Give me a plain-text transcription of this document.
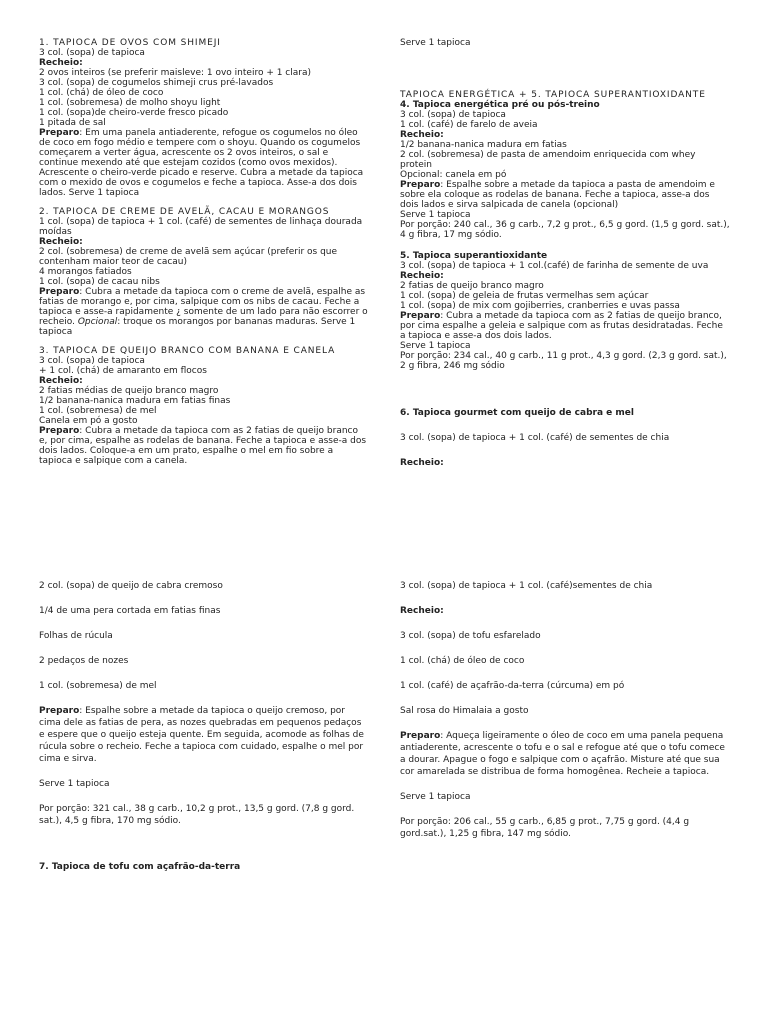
1. TAPIOCA DE OVOS COM SHIMEJI

3 col. (sopa) de tapioca

Recheio:

2 ovos inteiros (se preferir maisleve: 1 ovo inteiro + 1 clara)

3 col. (sopa) de cogumelos shimeji crus pré-lavados

1 col. (chá) de óleo de coco

1 col. (sobremesa) de molho shoyu light

1 col. (sopa)de cheiro-verde fresco picado

1 pitada de sal

Preparo: Em uma panela antiaderente, refogue os cogumelos no óleo de coco em fogo médio e tempere com o shoyu. Quando os cogumelos começarem a verter água, acrescente os 2 ovos inteiros, o sal e continue mexendo até que estejam cozidos (como ovos mexidos). Acrescente o cheiro-verde picado e reserve. Cubra a metade da tapioca com o mexido de ovos e cogumelos e feche a tapioca. Asse-a dos dois lados. Serve 1 tapioca

2. TAPIOCA DE CREME DE AVELÃ, CACAU E MORANGOS

1 col. (sopa) de tapioca + 1 col. (café) de sementes de linhaça dourada moídas

Recheio:

2 col. (sobremesa) de creme de avelã sem açúcar (preferir os que contenham maior teor de cacau)

4 morangos fatiados

1 col. (sopa) de cacau nibs

Preparo: Cubra a metade da tapioca com o creme de avelã, espalhe as fatias de morango e, por cima, salpique com os nibs de cacau. Feche a tapioca e asse-a rapidamente ¿ somente de um lado para não escorrer o recheio. Opcional: troque os morangos por bananas maduras. Serve 1 tapioca

3. TAPIOCA DE QUEIJO BRANCO COM BANANA E CANELA

3 col. (sopa) de tapioca

+ 1 col. (chá) de amaranto em flocos

Recheio:

2 fatias médias de queijo branco magro

1/2 banana-nanica madura em fatias finas

1 col. (sobremesa) de mel

Canela em pó a gosto

Preparo: Cubra a metade da tapioca com as 2 fatias de queijo branco e, por cima, espalhe as rodelas de banana. Feche a tapioca e asse-a dos dois lados. Coloque-a em um prato, espalhe o mel em fio sobre a tapioca e salpique com a canela.

Serve 1 tapioca

TAPIOCA ENERGÉTICA + 5. TAPIOCA SUPERANTIOXIDANTE

4. Tapioca energética pré ou pós-treino

3 col. (sopa) de tapioca

1 col. (café) de farelo de aveia

Recheio:

1/2 banana-nanica madura em fatias

2 col. (sobremesa) de pasta de amendoim enriquecida com whey protein

Opcional: canela em pó

Preparo: Espalhe sobre a metade da tapioca a pasta de amendoim e sobre ela coloque as rodelas de banana. Feche a tapioca, asse-a dos dois lados e sirva salpicada de canela (opcional)

Serve 1 tapioca

Por porção: 240 cal., 36 g carb., 7,2 g prot., 6,5 g gord. (1,5 g gord. sat.), 4 g fibra, 17 mg sódio.

5. Tapioca superantioxidante

3 col. (sopa) de tapioca + 1 col.(café) de farinha de semente de uva

Recheio:

2 fatias de queijo branco magro

1 col. (sopa) de geleia de frutas vermelhas sem açúcar

1 col. (sopa) de mix com gojiberries, cranberries e uvas passa

Preparo: Cubra a metade da tapioca com as 2 fatias de queijo branco, por cima espalhe a geleia e salpique com as frutas desidratadas. Feche a tapioca e asse-a dos dois lados.

Serve 1 tapioca

Por porção: 234 cal., 40 g carb., 11 g prot., 4,3 g gord. (2,3 g gord. sat.), 2 g fibra, 246 mg sódio

6. Tapioca gourmet com queijo de cabra e mel

3 col. (sopa) de tapioca + 1 col. (café) de sementes de chia

Recheio:

2 col. (sopa) de queijo de cabra cremoso

1/4 de uma pera cortada em fatias finas

Folhas de rúcula

2 pedaços de nozes

1 col. (sobremesa) de mel

Preparo: Espalhe sobre a metade da tapioca o queijo cremoso, por cima dele as fatias de pera, as nozes quebradas em pequenos pedaços e espere que o queijo esteja quente. Em seguida, acomode as folhas de rúcula sobre o recheio. Feche a tapioca com cuidado, espalhe o mel por cima e sirva.

Serve 1 tapioca

Por porção: 321 cal., 38 g carb., 10,2 g prot., 13,5 g gord. (7,8 g gord. sat.), 4,5 g fibra, 170 mg sódio.

7. Tapioca de tofu com açafrão-da-terra

3 col. (sopa) de tapioca + 1 col. (café)sementes de chia

Recheio:

3 col. (sopa) de tofu esfarelado

1 col. (chá) de óleo de coco

1 col. (café) de açafrão-da-terra (cúrcuma) em pó

Sal rosa do Himalaia a gosto

Preparo: Aqueça ligeiramente o óleo de coco em uma panela pequena antiaderente, acrescente o tofu e o sal e refogue até que o tofu comece a dourar. Apague o fogo e salpique com o açafrão. Misture até que sua cor amarelada se distribua de forma homogênea. Recheie a tapioca.

Serve 1 tapioca

Por porção: 206 cal., 55 g carb., 6,85 g prot., 7,75 g gord. (4,4 g gord.sat.), 1,25 g fibra, 147 mg sódio.
